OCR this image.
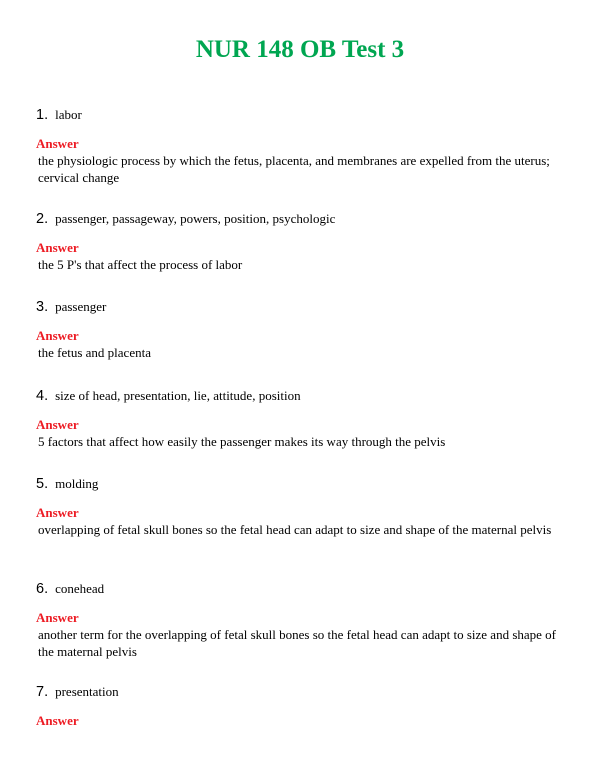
NUR 148 OB Test 3
1. labor
Answer
the physiologic process by which the fetus, placenta, and membranes are expelled from the uterus; cervical change
2. passenger, passageway, powers, position, psychologic
Answer
the 5 P's that affect the process of labor
3. passenger
Answer
the fetus and placenta
4. size of head, presentation, lie, attitude, position
Answer
5 factors that affect how easily the passenger makes its way through the pelvis
5. molding
Answer
overlapping of fetal skull bones so the fetal head can adapt to size and shape of the maternal pelvis
6. conehead
Answer
another term for the overlapping of fetal skull bones so the fetal head can adapt to size and shape of the maternal pelvis
7. presentation
Answer
